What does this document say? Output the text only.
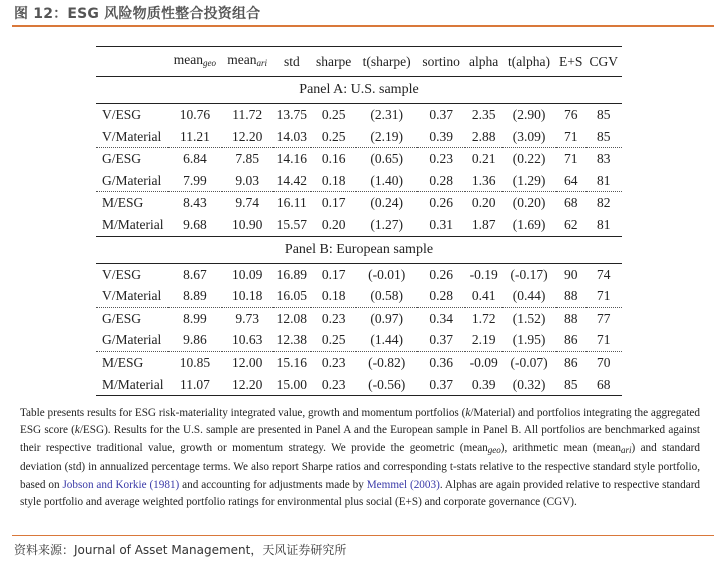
图 12：ESG 风险物质性整合投资组合
	mean$_{geo}$	mean$_{ari}$	std	sharpe	t(sharpe)	sortino	alpha	t(alpha)	E+S	CGV
Panel A: U.S. sample										
V/ESG	10.76	11.72	13.75	0.25	(2.31)	0.37	2.35	(2.90)	76	85
V/Material	11.21	12.20	14.03	0.25	(2.19)	0.39	2.88	(3.09)	71	85
G/ESG	6.84	7.85	14.16	0.16	(0.65)	0.23	0.21	(0.22)	71	83
G/Material	7.99	9.03	14.42	0.18	(1.40)	0.28	1.36	(1.29)	64	81
M/ESG	8.43	9.74	16.11	0.17	(0.24)	0.26	0.20	(0.20)	68	82
M/Material	9.68	10.90	15.57	0.20	(1.27)	0.31	1.87	(1.69)	62	81
Panel B: European sample										
V/ESG	8.67	10.09	16.89	0.17	(-0.01)	0.26	-0.19	(-0.17)	90	74
V/Material	8.89	10.18	16.05	0.18	(0.58)	0.28	0.41	(0.44)	88	71
G/ESG	8.99	9.73	12.08	0.23	(0.97)	0.34	1.72	(1.52)	88	77
G/Material	9.86	10.63	12.38	0.25	(1.44)	0.37	2.19	(1.95)	86	71
M/ESG	10.85	12.00	15.16	0.23	(-0.82)	0.36	-0.09	(-0.07)	86	70
M/Material	11.07	12.20	15.00	0.23	(-0.56)	0.37	0.39	(0.32)	85	68
Table presents results for ESG risk-materiality integrated value, growth and momentum portfolios (k/Material) and portfolios integrating the aggregated ESG score (k/ESG). Results for the U.S. sample are presented in Panel A and the European sample in Panel B. All portfolios are benchmarked against their respective traditional value, growth or momentum strategy. We provide the geometric (mean$_{geo}$), arithmetic mean (mean$_{ari}$) and standard deviation (std) in annualized percentage terms. We also report Sharpe ratios and corresponding t-stats relative to the respective standard style portfolio, based on Jobson and Korkie (1981) and accounting for adjustments made by Memmel (2003). Alphas are again provided relative to respective standard style portfolio and average weighted portfolio ratings for environmental plus social (E+S) and corporate governance (CGV).
资料来源：Journal of Asset Management，天风证券研究所
